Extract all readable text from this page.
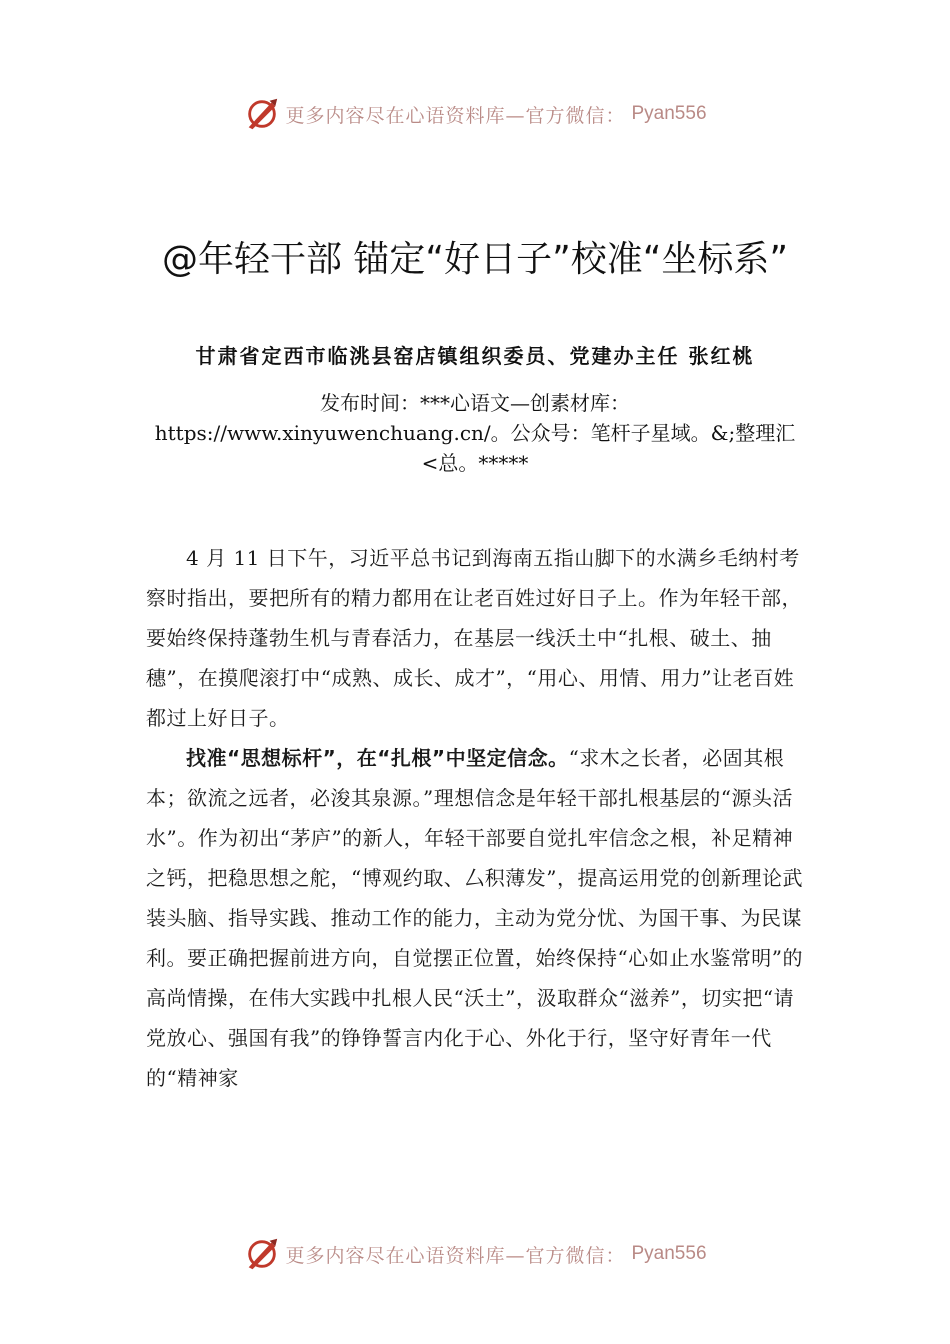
更多内容尽在心语资料库—官方微信： Pyan556
@年轻干部 锚定“好日子”校准“坐标系”
甘肃省定西市临洮县窑店镇组织委员、党建办主任 张红桃
发布时间：***心语文—创素材库：https://www.xinyuwenchuang.cn/。公众号：笔杆子星域。&;整理汇<总。*****

4 月 11 日下午，习近平总书记到海南五指山脚下的水满乡毛纳村考察时指出，要把所有的精力都用在让老百姓过好日子上。作为年轻干部，要始终保持蓬勃生机与青春活力，在基层一线沃土中“扎根、破土、抽穗”，在摸爬滚打中“成熟、成长、成才”，“用心、用情、用力”让老百姓都过上好日子。

找准“思想标杆”，在“扎根”中坚定信念。“求木之长者，必固其根本；欲流之远者，必浚其泉源。”理想信念是年轻干部扎根基层的“源头活水”。作为初出“茅庐”的新人，年轻干部要自觉扎牢信念之根，补足精神之钙，把稳思想之舵，“博观约取、厶积薄发”，提高运用党的创新理论武装头脑、指导实践、推动工作的能力，主动为党分忧、为国干事、为民谋利。要正确把握前进方向，自觉摆正位置，始终保持“心如止水鉴常明”的高尚情操，在伟大实践中扎根人民“沃土”，汲取群众“滋养”，切实把“请党放心、强国有我”的铮铮誓言内化于心、外化于行，坚守好青年一代的“精神家

更多内容尽在心语资料库—官方微信： Pyan556
